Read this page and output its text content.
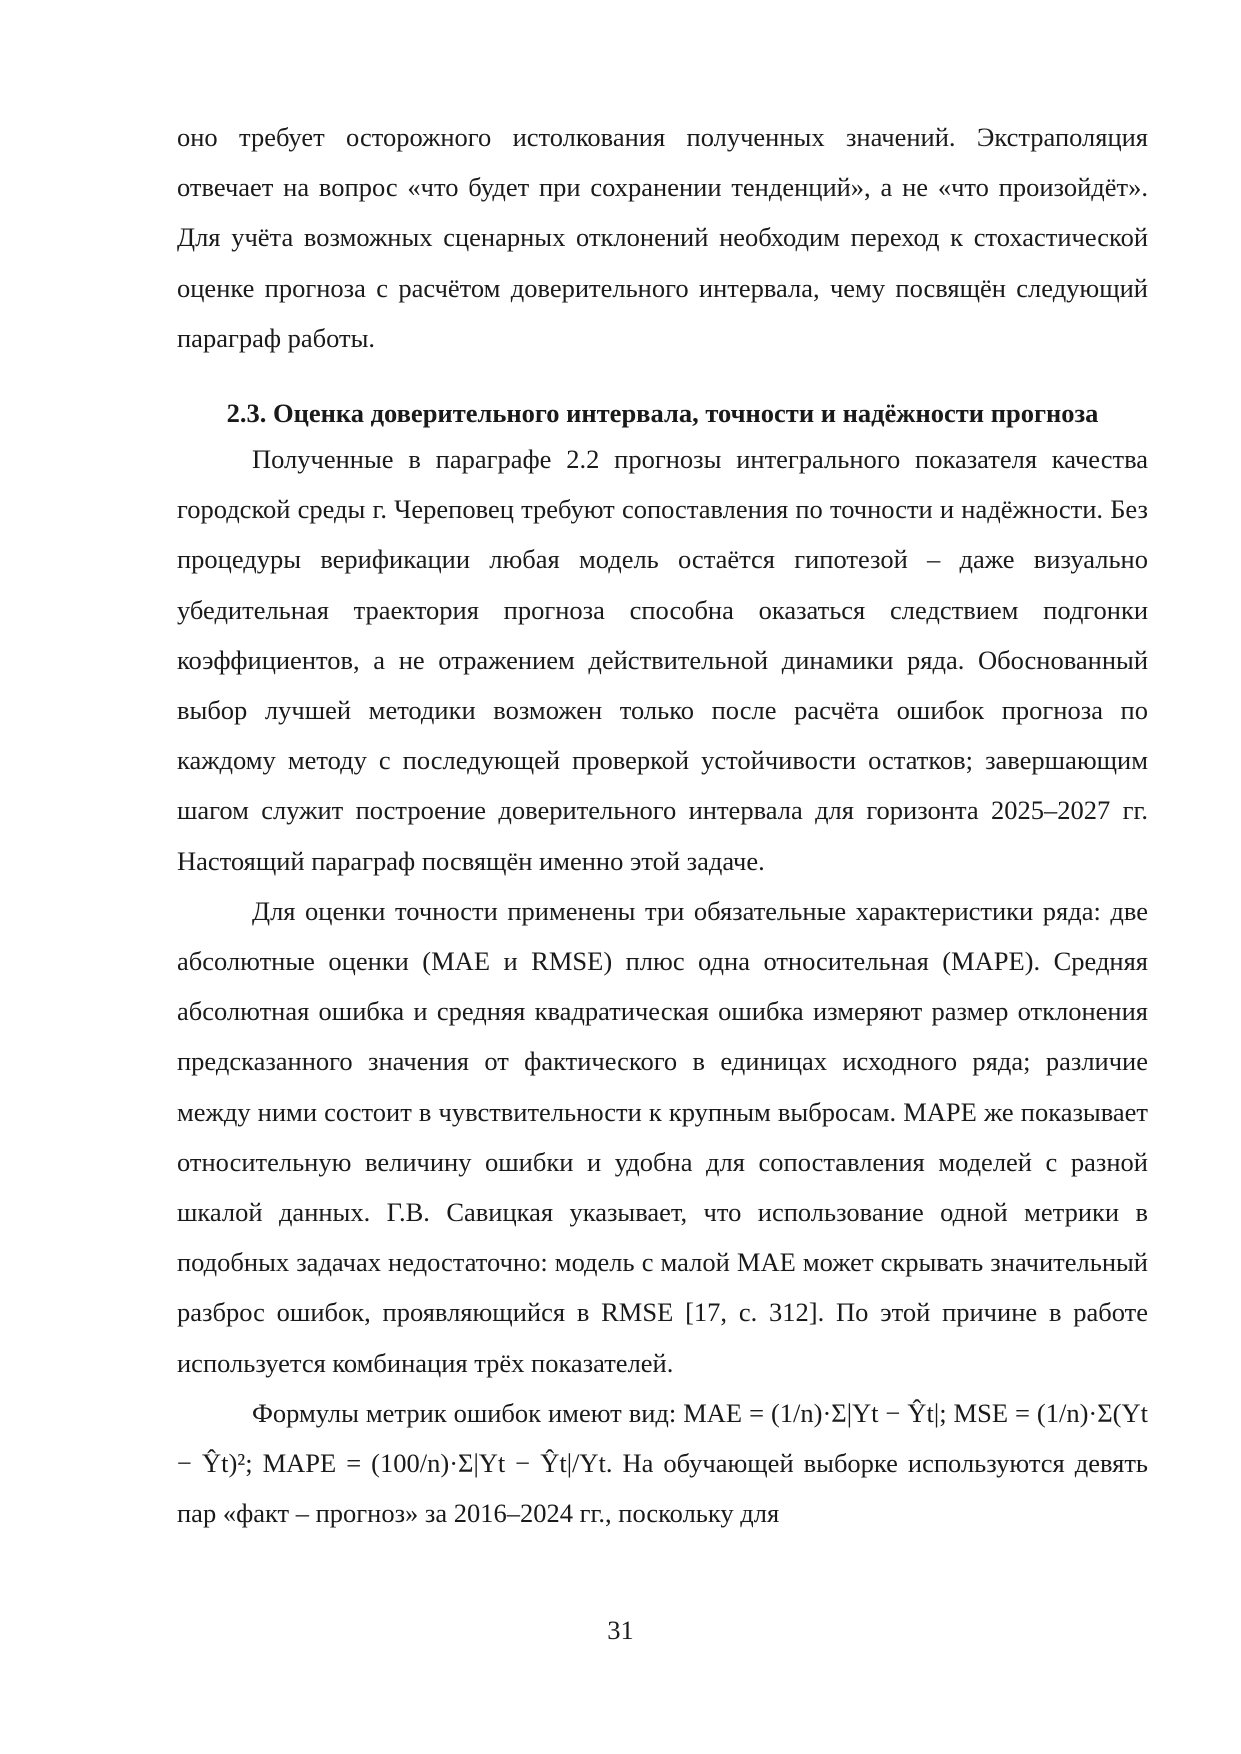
оно требует осторожного истолкования полученных значений. Экстраполяция отвечает на вопрос «что будет при сохранении тенденций», а не «что произойдёт». Для учёта возможных сценарных отклонений необходим переход к стохастической оценке прогноза с расчётом доверительного интервала, чему посвящён следующий параграф работы.

2.3. Оценка доверительного интервала, точности и надёжности прогноза

Полученные в параграфе 2.2 прогнозы интегрального показателя качества городской среды г. Череповец требуют сопоставления по точности и надёжности. Без процедуры верификации любая модель остаётся гипотезой – даже визуально убедительная траектория прогноза способна оказаться следствием подгонки коэффициентов, а не отражением действительной динамики ряда. Обоснованный выбор лучшей методики возможен только после расчёта ошибок прогноза по каждому методу с последующей проверкой устойчивости остатков; завершающим шагом служит построение доверительного интервала для горизонта 2025–2027 гг. Настоящий параграф посвящён именно этой задаче.

Для оценки точности применены три обязательные характеристики ряда: две абсолютные оценки (MAE и RMSE) плюс одна относительная (MAPE). Средняя абсолютная ошибка и средняя квадратическая ошибка измеряют размер отклонения предсказанного значения от фактического в единицах исходного ряда; различие между ними состоит в чувствительности к крупным выбросам. MAPE же показывает относительную величину ошибки и удобна для сопоставления моделей с разной шкалой данных. Г.В. Савицкая указывает, что использование одной метрики в подобных задачах недостаточно: модель с малой MAE может скрывать значительный разброс ошибок, проявляющийся в RMSE [17, с. 312]. По этой причине в работе используется комбинация трёх показателей.

Формулы метрик ошибок имеют вид: MAE = (1/n)·Σ|Yt − Ŷt|; MSE = (1/n)·Σ(Yt − Ŷt)²; MAPE = (100/n)·Σ|Yt − Ŷt|/Yt. На обучающей выборке используются девять пар «факт – прогноз» за 2016–2024 гг., поскольку для

31
